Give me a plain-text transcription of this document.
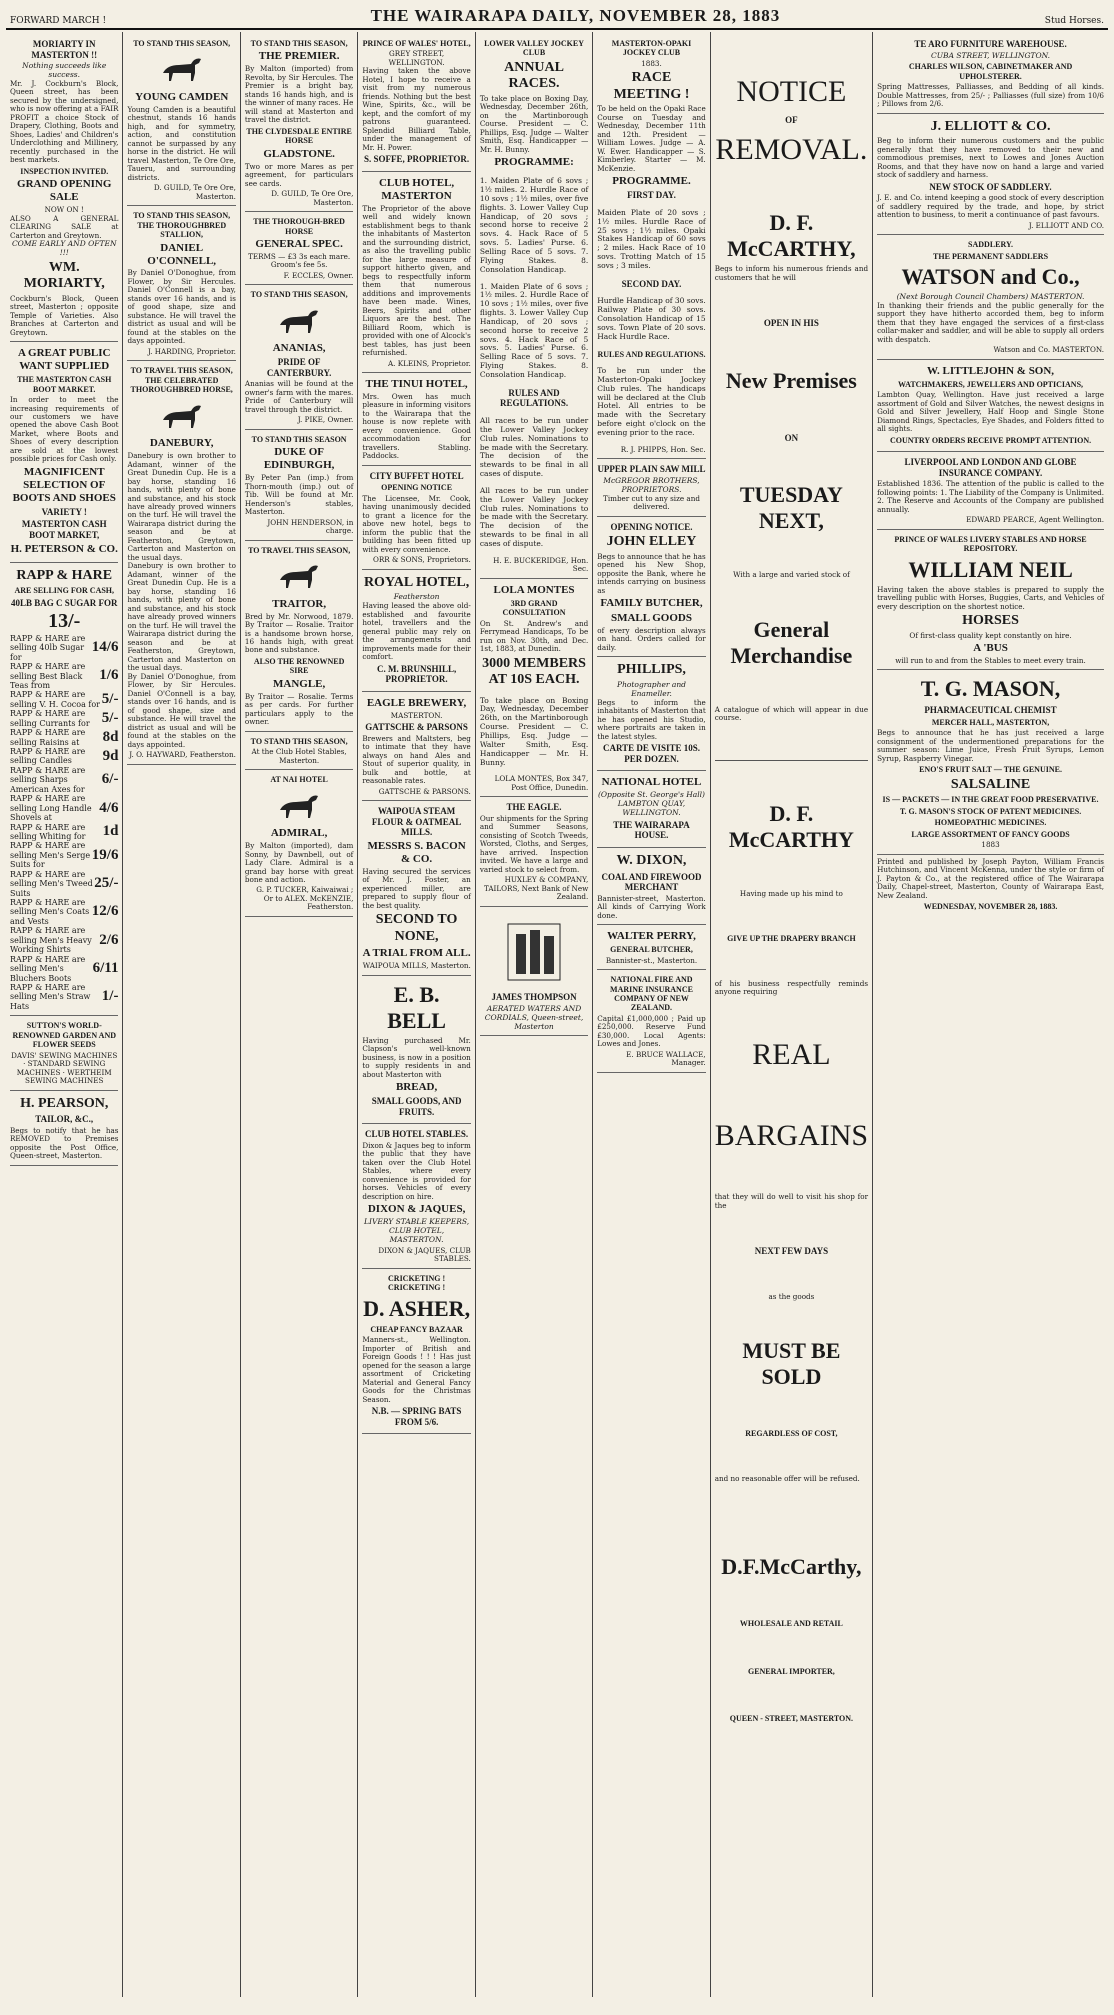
FORWARD MARCH !	THE WAIRARAPA DAILY, NOVEMBER 28, 1883	Stud Horses.
MORIARTY IN MASTERTON !!
Nothing succeeds like success.
Mr. J. Cockburn's Block, Queen street, has been secured by the undersigned, who is now offering at a FAIR PROFIT a choice Stock of Drapery, Clothing, Boots and Shoes, Ladies' and Children's Underclothing and Millinery, recently purchased in the best markets.
INSPECTION INVITED.
GRAND OPENING SALE
NOW ON !
ALSO A GENERAL CLEARING SALE at Carterton and Greytown.
COME EARLY AND OFTEN !!!
WM. MORIARTY,
Cockburn's Block, Queen street, Masterton ; opposite Temple of Varieties. Also Branches at Carterton and Greytown.
A GREAT PUBLIC WANT SUPPLIED
THE MASTERTON CASH BOOT MARKET.
In order to meet the increasing requirements of our customers we have opened the above Cash Boot Market, where Boots and Shoes of every description are sold at the lowest possible prices for Cash only.
MAGNIFICENT SELECTION OF BOOTS AND SHOES
VARIETY !
MASTERTON CASH BOOT MARKET,
H. PETERSON & CO.
RAPP & HARE
ARE SELLING FOR CASH,
40LB BAG C SUGAR FOR
13/-
RAPP & HARE are selling 40lb Sugar for
14/6
RAPP & HARE are selling Best Black Teas from
1/6
RAPP & HARE are selling V. H. Cocoa for 5/-
RAPP & HARE are selling Currants for 5/-
RAPP & HARE are selling Raisins at	8d
RAPP & HARE are selling Candles	9d
RAPP & HARE are selling Sharps American Axes for
6/-
RAPP & HARE are selling Long Handle Shovels at
4/6
RAPP & HARE are selling Whiting for	1d
RAPP & HARE are selling Men's Serge Suits for
19/6
RAPP & HARE are selling Men's Tweed Suits
25/-
RAPP & HARE are selling Men's Coats and Vests
12/6
RAPP & HARE are selling Men's Heavy Working Shirts
2/6
RAPP & HARE are selling Men's Bluchers Boots
6/11
RAPP & HARE are selling Men's Straw Hats
1/-
SUTTON'S WORLD-RENOWNED GARDEN AND FLOWER SEEDS
DAVIS' SEWING MACHINES · STANDARD SEWING MACHINES · WERTHEIM SEWING MACHINES
H. PEARSON,
TAILOR, &C.,
Begs to notify that he has REMOVED to Premises opposite the Post Office, Queen-street, Masterton.
TO STAND THIS SEASON,
YOUNG CAMDEN
Young Camden is a beautiful chestnut, stands 16 hands high, and for symmetry, action, and constitution cannot be surpassed by any horse in the district. He will travel Masterton, Te Ore Ore, Taueru, and surrounding districts.
D. GUILD, Te Ore Ore, Masterton.
TO STAND THIS SEASON, THE THOROUGHBRED STALLION,
DANIEL O'CONNELL,
By Daniel O'Donoghue, from Flower, by Sir Hercules. Daniel O'Connell is a bay, stands over 16 hands, and is of good shape, size and substance. He will travel the district as usual and will be found at the stables on the days appointed.
J. HARDING, Proprietor.
TO TRAVEL THIS SEASON, THE CELEBRATED THOROUGHBRED HORSE,
DANEBURY,
Danebury is own brother to Adamant, winner of the Great Dunedin Cup. He is a bay horse, standing 16 hands, with plenty of bone and substance, and his stock have already proved winners on the turf. He will travel the Wairarapa district during the season and be at Featherston, Greytown, Carterton and Masterton on the usual days.
Danebury is own brother to Adamant, winner of the Great Dunedin Cup. He is a bay horse, standing 16 hands, with plenty of bone and substance, and his stock have already proved winners on the turf. He will travel the Wairarapa district during the season and be at Featherston, Greytown, Carterton and Masterton on the usual days.
By Daniel O'Donoghue, from Flower, by Sir Hercules. Daniel O'Connell is a bay, stands over 16 hands, and is of good shape, size and substance. He will travel the district as usual and will be found at the stables on the days appointed.
J. O. HAYWARD, Featherston.
TO STAND THIS SEASON,
THE PREMIER.
By Malton (imported) from Revolta, by Sir Hercules. The Premier is a bright bay, stands 16 hands high, and is the winner of many races. He will stand at Masterton and travel the district.
THE CLYDESDALE ENTIRE HORSE
GLADSTONE.
Two or more Mares as per agreement, for particulars see cards.
D. GUILD, Te Ore Ore, Masterton.
THE THOROUGH-BRED HORSE
GENERAL SPEC.
TERMS — £3 3s each mare. Groom's fee 5s.
F. ECCLES, Owner.
TO STAND THIS SEASON,
ANANIAS,
PRIDE OF CANTERBURY.
Ananias will be found at the owner's farm with the mares. Pride of Canterbury will travel through the district.
J. PIKE, Owner.
TO STAND THIS SEASON
DUKE OF EDINBURGH,
By Peter Pan (imp.) from Thorn-mouth (imp.) out of Tib. Will be found at Mr. Henderson's stables, Masterton.
JOHN HENDERSON, in charge.
TO TRAVEL THIS SEASON,
TRAITOR,
Bred by Mr. Norwood, 1879. By Traitor — Rosalie. Traitor is a handsome brown horse, 16 hands high, with great bone and substance.
ALSO THE RENOWNED SIRE
MANGLE,
By Traitor — Rosalie. Terms as per cards. For further particulars apply to the owner.
TO STAND THIS SEASON,
At the Club Hotel Stables, Masterton.
AT NAI HOTEL
ADMIRAL,
By Malton (imported), dam Sonny, by Dawnbell, out of Lady Clare. Admiral is a grand bay horse with great bone and action.
G. P. TUCKER, Kaiwaiwai ; Or to ALEX. McKENZIE, Featherston.
PRINCE OF WALES' HOTEL,
GREY STREET, WELLINGTON.
Having taken the above Hotel, I hope to receive a visit from my numerous friends. Nothing but the best Wine, Spirits, &c., will be kept, and the comfort of my patrons guaranteed. Splendid Billiard Table, under the management of Mr. H. Power.
S. SOFFE, PROPRIETOR.
CLUB HOTEL, MASTERTON
The Proprietor of the above well and widely known establishment begs to thank the inhabitants of Masterton and the surrounding district, as also the travelling public for the large measure of support hitherto given, and begs to respectfully inform them that numerous additions and improvements have been made. Wines, Beers, Spirits and other Liquors are the best. The Billiard Room, which is provided with one of Alcock's best tables, has just been refurnished.
A. KLEINS, Proprietor.
THE TINUI HOTEL,
Mrs. Owen has much pleasure in informing visitors to the Wairarapa that the house is now replete with every convenience. Good accommodation for travellers. Stabling. Paddocks.
CITY BUFFET HOTEL
OPENING NOTICE
The Licensee, Mr. Cook, having unanimously decided to grant a licence for the above new hotel, begs to inform the public that the building has been fitted up with every convenience.
ORR & SONS, Proprietors.
ROYAL HOTEL,
Featherston
Having leased the above old-established and favourite hotel, travellers and the general public may rely on the arrangements and improvements made for their comfort.
C. M. BRUNSHILL, PROPRIETOR.
EAGLE BREWERY,
MASTERTON.
GATTSCHE & PARSONS
Brewers and Maltsters, beg to intimate that they have always on hand Ales and Stout of superior quality, in bulk and bottle, at reasonable rates.
GATTSCHE & PARSONS.
WAIPOUA STEAM FLOUR & OATMEAL MILLS.
MESSRS S. BACON & CO.
Having secured the services of Mr. J. Foster, an experienced miller, are prepared to supply flour of the best quality.
SECOND TO NONE,
A TRIAL FROM ALL.
WAIPOUA MILLS, Masterton.
E. B. BELL
Having purchased Mr. Clapson's well-known business, is now in a position to supply residents in and about Masterton with
BREAD,
SMALL GOODS, AND FRUITS.
CLUB HOTEL STABLES.
Dixon & Jaques beg to inform the public that they have taken over the Club Hotel Stables, where every convenience is provided for horses. Vehicles of every description on hire.
DIXON & JAQUES,
LIVERY STABLE KEEPERS, CLUB HOTEL, MASTERTON.
DIXON & JAQUES, CLUB STABLES.
CRICKETING ! CRICKETING !
D. ASHER,
CHEAP FANCY BAZAAR
Manners-st., Wellington. Importer of British and Foreign Goods ! ! ! Has just opened for the season a large assortment of Cricketing Material and General Fancy Goods for the Christmas Season.
N.B. — SPRING BATS FROM 5/6.
LOWER VALLEY JOCKEY CLUB
ANNUAL RACES.
To take place on Boxing Day, Wednesday, December 26th, on the Martinborough Course. President — C. Phillips, Esq. Judge — Walter Smith, Esq. Handicapper — Mr. H. Bunny.
PROGRAMME:
1. Maiden Plate of 6 sovs ; 1½ miles. 2. Hurdle Race of 10 sovs ; 1½ miles, over five flights. 3. Lower Valley Cup Handicap, of 20 sovs ; second horse to receive 2 sovs. 4. Hack Race of 5 sovs. 5. Ladies' Purse. 6. Selling Race of 5 sovs. 7. Flying Stakes. 8. Consolation Handicap.
1. Maiden Plate of 6 sovs ; 1½ miles. 2. Hurdle Race of 10 sovs ; 1½ miles, over five flights. 3. Lower Valley Cup Handicap, of 20 sovs ; second horse to receive 2 sovs. 4. Hack Race of 5 sovs. 5. Ladies' Purse. 6. Selling Race of 5 sovs. 7. Flying Stakes. 8. Consolation Handicap.
RULES AND REGULATIONS.
All races to be run under the Lower Valley Jockey Club rules. Nominations to be made with the Secretary. The decision of the stewards to be final in all cases of dispute.
All races to be run under the Lower Valley Jockey Club rules. Nominations to be made with the Secretary. The decision of the stewards to be final in all cases of dispute.
H. E. BUCKERIDGE, Hon. Sec.
LOLA MONTES
3RD GRAND CONSULTATION
On St. Andrew's and Ferrymead Handicaps, To be run on Nov. 30th, and Dec. 1st, 1883, at Dunedin.
3000 MEMBERS AT 10S EACH.
To take place on Boxing Day, Wednesday, December 26th, on the Martinborough Course. President — C. Phillips, Esq. Judge — Walter Smith, Esq. Handicapper — Mr. H. Bunny.
LOLA MONTES, Box 347, Post Office, Dunedin.
THE EAGLE.
Our shipments for the Spring and Summer Seasons, consisting of Scotch Tweeds, Worsted, Cloths, and Serges, have arrived. Inspection invited. We have a large and varied stock to select from.
HUXLEY & COMPANY, TAILORS, Next Bank of New Zealand.
JAMES THOMPSON
AERATED WATERS AND CORDIALS, Queen-street, Masterton
MASTERTON-OPAKI JOCKEY CLUB
1883.
RACE MEETING !
To be held on the Opaki Race Course on Tuesday and Wednesday, December 11th and 12th. President — William Lowes. Judge — A. W. Ewer. Handicapper — S. Kimberley. Starter — M. McKenzie.
PROGRAMME.
FIRST DAY.
Maiden Plate of 20 sovs ; 1½ miles. Hurdle Race of 25 sovs ; 1½ miles. Opaki Stakes Handicap of 60 sovs ; 2 miles. Hack Race of 10 sovs. Trotting Match of 15 sovs ; 3 miles.
SECOND DAY.
Hurdle Handicap of 30 sovs. Railway Plate of 30 sovs. Consolation Handicap of 15 sovs. Town Plate of 20 sovs. Hack Hurdle Race.
RULES AND REGULATIONS.
To be run under the Masterton-Opaki Jockey Club rules. The handicaps will be declared at the Club Hotel. All entries to be made with the Secretary before eight o'clock on the evening prior to the race.
R. J. PHIPPS, Hon. Sec.
UPPER PLAIN SAW MILL
McGREGOR BROTHERS, PROPRIETORS.
Timber cut to any size and delivered.
OPENING NOTICE.
JOHN ELLEY
Begs to announce that he has opened his New Shop, opposite the Bank, where he intends carrying on business as
FAMILY BUTCHER,
SMALL GOODS
of every description always on hand. Orders called for daily.
PHILLIPS,
Photographer and Enameller.
Begs to inform the inhabitants of Masterton that he has opened his Studio, where portraits are taken in the latest styles.
CARTE DE VISITE 10S. PER DOZEN.
NATIONAL HOTEL
(Opposite St. George's Hall) LAMBTON QUAY, WELLINGTON.
THE WAIRARAPA HOUSE.
W. DIXON,
COAL AND FIREWOOD MERCHANT
Bannister-street, Masterton. All kinds of Carrying Work done.
WALTER PERRY,
GENERAL BUTCHER,
Bannister-st., Masterton.
NATIONAL FIRE AND MARINE INSURANCE COMPANY OF NEW ZEALAND.
Capital £1,000,000 ; Paid up £250,000. Reserve Fund £30,000. Local Agents: Lowes and Jones.
E. BRUCE WALLACE, Manager.
NOTICE
OF
REMOVAL.
D. F. McCARTHY,
Begs to inform his numerous friends and customers that he will
OPEN IN HIS
New Premises
ON
TUESDAY NEXT,
With a large and varied stock of
General Merchandise
A catalogue of which will appear in due course.
D. F. McCARTHY
Having made up his mind to
GIVE UP THE DRAPERY BRANCH
of his business respectfully reminds anyone requiring
REAL
BARGAINS
that they will do well to visit his shop for the
NEXT FEW DAYS
as the goods
MUST BE SOLD
REGARDLESS OF COST,
and no reasonable offer will be refused.
D.F.McCarthy,
WHOLESALE AND RETAIL
GENERAL IMPORTER,
QUEEN - STREET, MASTERTON.
TE ARO FURNITURE WAREHOUSE.
CUBA STREET, WELLINGTON.
CHARLES WILSON, CABINETMAKER AND UPHOLSTERER.
Spring Mattresses, Palliasses, and Bedding of all kinds. Double Mattresses, from 25/- ; Palliasses (full size) from 10/6 ; Pillows from 2/6.
J. ELLIOTT & CO.
Beg to inform their numerous customers and the public generally that they have removed to their new and commodious premises, next to Lowes and Jones Auction Rooms, and that they have now on hand a large and varied stock of saddlery and harness.
NEW STOCK OF SADDLERY.
J. E. and Co. intend keeping a good stock of every description of saddlery required by the trade, and hope, by strict attention to business, to merit a continuance of past favours.
J. ELLIOTT AND CO.
SADDLERY.
THE PERMANENT SADDLERS
WATSON and Co.,
(Next Borough Council Chambers) MASTERTON.
In thanking their friends and the public generally for the support they have hitherto accorded them, beg to inform them that they have engaged the services of a first-class collar-maker and saddler, and will be able to supply all orders with despatch.
Watson and Co. MASTERTON.
W. LITTLEJOHN & SON,
WATCHMAKERS, JEWELLERS AND OPTICIANS,
Lambton Quay, Wellington. Have just received a large assortment of Gold and Silver Watches, the newest designs in Gold and Silver Jewellery, Half Hoop and Single Stone Diamond Rings, Spectacles, Eye Shades, and Folders fitted to all sights.
COUNTRY ORDERS RECEIVE PROMPT ATTENTION.
LIVERPOOL AND LONDON AND GLOBE INSURANCE COMPANY.
Established 1836. The attention of the public is called to the following points: 1. The Liability of the Company is Unlimited. 2. The Reserve and Accounts of the Company are published annually.
EDWARD PEARCE, Agent Wellington.
PRINCE OF WALES LIVERY STABLES AND HORSE REPOSITORY.
WILLIAM NEIL
Having taken the above stables is prepared to supply the travelling public with Horses, Buggies, Carts, and Vehicles of every description on the shortest notice.
HORSES
Of first-class quality kept constantly on hire.
A 'BUS
will run to and from the Stables to meet every train.
T. G. MASON,
PHARMACEUTICAL CHEMIST
MERCER HALL, MASTERTON,
Begs to announce that he has just received a large consignment of the undermentioned preparations for the summer season: Lime Juice, Fresh Fruit Syrups, Lemon Syrup, Raspberry Vinegar.
ENO'S FRUIT SALT — THE GENUINE.
SALSALINE
IS — PACKETS — IN THE GREAT FOOD PRESERVATIVE.
T. G. MASON'S STOCK OF PATENT MEDICINES.
HOMEOPATHIC MEDICINES.
LARGE ASSORTMENT OF FANCY GOODS
1883
Printed and published by Joseph Payton, William Francis Hutchinson, and Vincent McKenna, under the style or firm of J. Payton & Co., at the registered office of The Wairarapa Daily, Chapel-street, Masterton, County of Wairarapa East, New Zealand.
WEDNESDAY, NOVEMBER 28, 1883.
